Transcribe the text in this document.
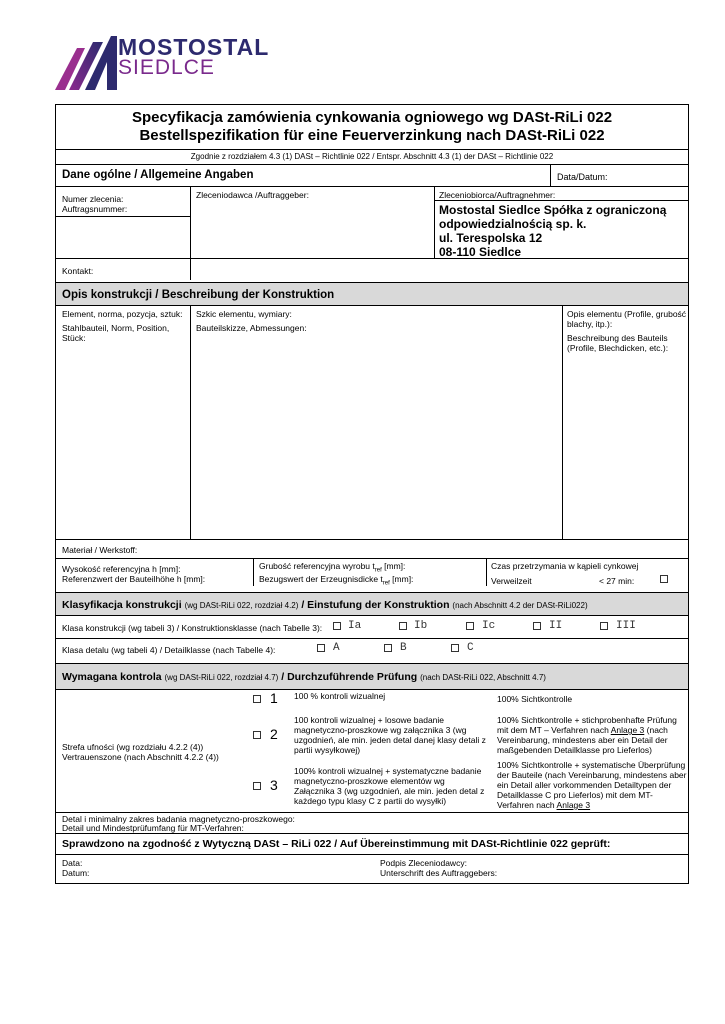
MOSTOSTAL
SIEDLCE
Specyfikacja zamówienia cynkowania ogniowego wg DASt-RiLi 022
Bestellspezifikation für eine Feuerverzinkung nach DASt-RiLi 022
Zgodnie z rozdziałem 4.3 (1) DASt – Richtlinie 022 / Entspr. Abschnitt 4.3 (1) der DASt – Richtlinie 022
Dane ogólne / Allgemeine Angaben	Data/Datum:
Numer zlecenia:
Auftragsnummer:
Zleceniodawca /Auftraggeber:	Zleceniobiorca/Auftragnehmer:
Mostostal Siedlce Spółka z ograniczoną
odpowiedzialnością sp. k.
ul. Terespolska 12
08-110 Siedlce
Kontakt:
Opis konstrukcji / Beschreibung der Konstruktion
Element, norma, pozycja, sztuk:
Stahlbauteil, Norm, Position, Stück:
Szkic elementu, wymiary:
Bauteilskizze, Abmessungen:
Opis elementu (Profile, grubość blachy, itp.):
Beschreibung des Bauteils (Profile, Blechdicken, etc.):
Materiał / Werkstoff:
Wysokość referencyjna h [mm]:
Referenzwert der Bauteilhöhe h [mm]:
Grubość referencyjna wyrobu $t_{ref}$ [mm]:
Bezugswert der Erzeugnisdicke $t_{ref}$ [mm]:
Czas przetrzymania w kąpieli cynkowej
Verweilzeit	< 27 min:
Klasyfikacja konstrukcji (wg DASt-RiLi 022, rozdział 4.2) / Einstufung der Konstruktion (nach Abschnitt 4.2 der DASt-RiLi022)
Klasa konstrukcji (wg tabeli 3) / Konstruktionsklasse (nach Tabelle 3): Ia	Ib	Ic	II	III
Klasa detalu (wg tabeli 4) / Detailklasse (nach Tabelle 4):	A	B	C
Wymagana kontrola (wg DASt-RiLi 022, rozdział 4.7) / Durchzuführende Prüfung (nach DASt-RiLi 022, Abschnitt 4.7)
Strefa ufności (wg rozdziału 4.2.2 (4))
Vertrauenszone (nach Abschnitt 4.2.2 (4))
1 100 % kontroli wizualnej	100% Sichtkontrolle
2
100 kontroli wizualnej + losowe badanie magnetyczno-proszkowe wg załącznika 3 (wg uzgodnień, ale min. jeden detal danej klasy detali z partii wysyłkowej)
100% Sichtkontrolle + stichprobenhafte Prüfung mit dem MT – Verfahren nach Anlage 3 (nach Vereinbarung, mindestens aber ein Detail der maßgebenden Detailklasse pro Lieferlos)
3
100% kontroli wizualnej + systematyczne badanie magnetyczno-proszkowe elementów wg Załącznika 3 (wg uzgodnień, ale min. jeden detal z każdego typu klasy C z partii do wysyłki)
100% Sichtkontrolle + systematische Überprüfung der Bauteile (nach Vereinbarung, mindestens aber ein Detail aller vorkommenden Detailtypen der Detailklasse C pro Lieferlos) mit dem MT-Verfahren nach Anlage 3
Detal i minimalny zakres badania magnetyczno-proszkowego:
Detail und Mindestprüfumfang für MT-Verfahren:
Sprawdzono na zgodność z Wytyczną DASt – RiLi 022 / Auf Übereinstimmung mit DASt-Richtlinie 022 geprüft:
Data:
Datum:
Podpis Zleceniodawcy:
Unterschrift des Auftraggebers:
